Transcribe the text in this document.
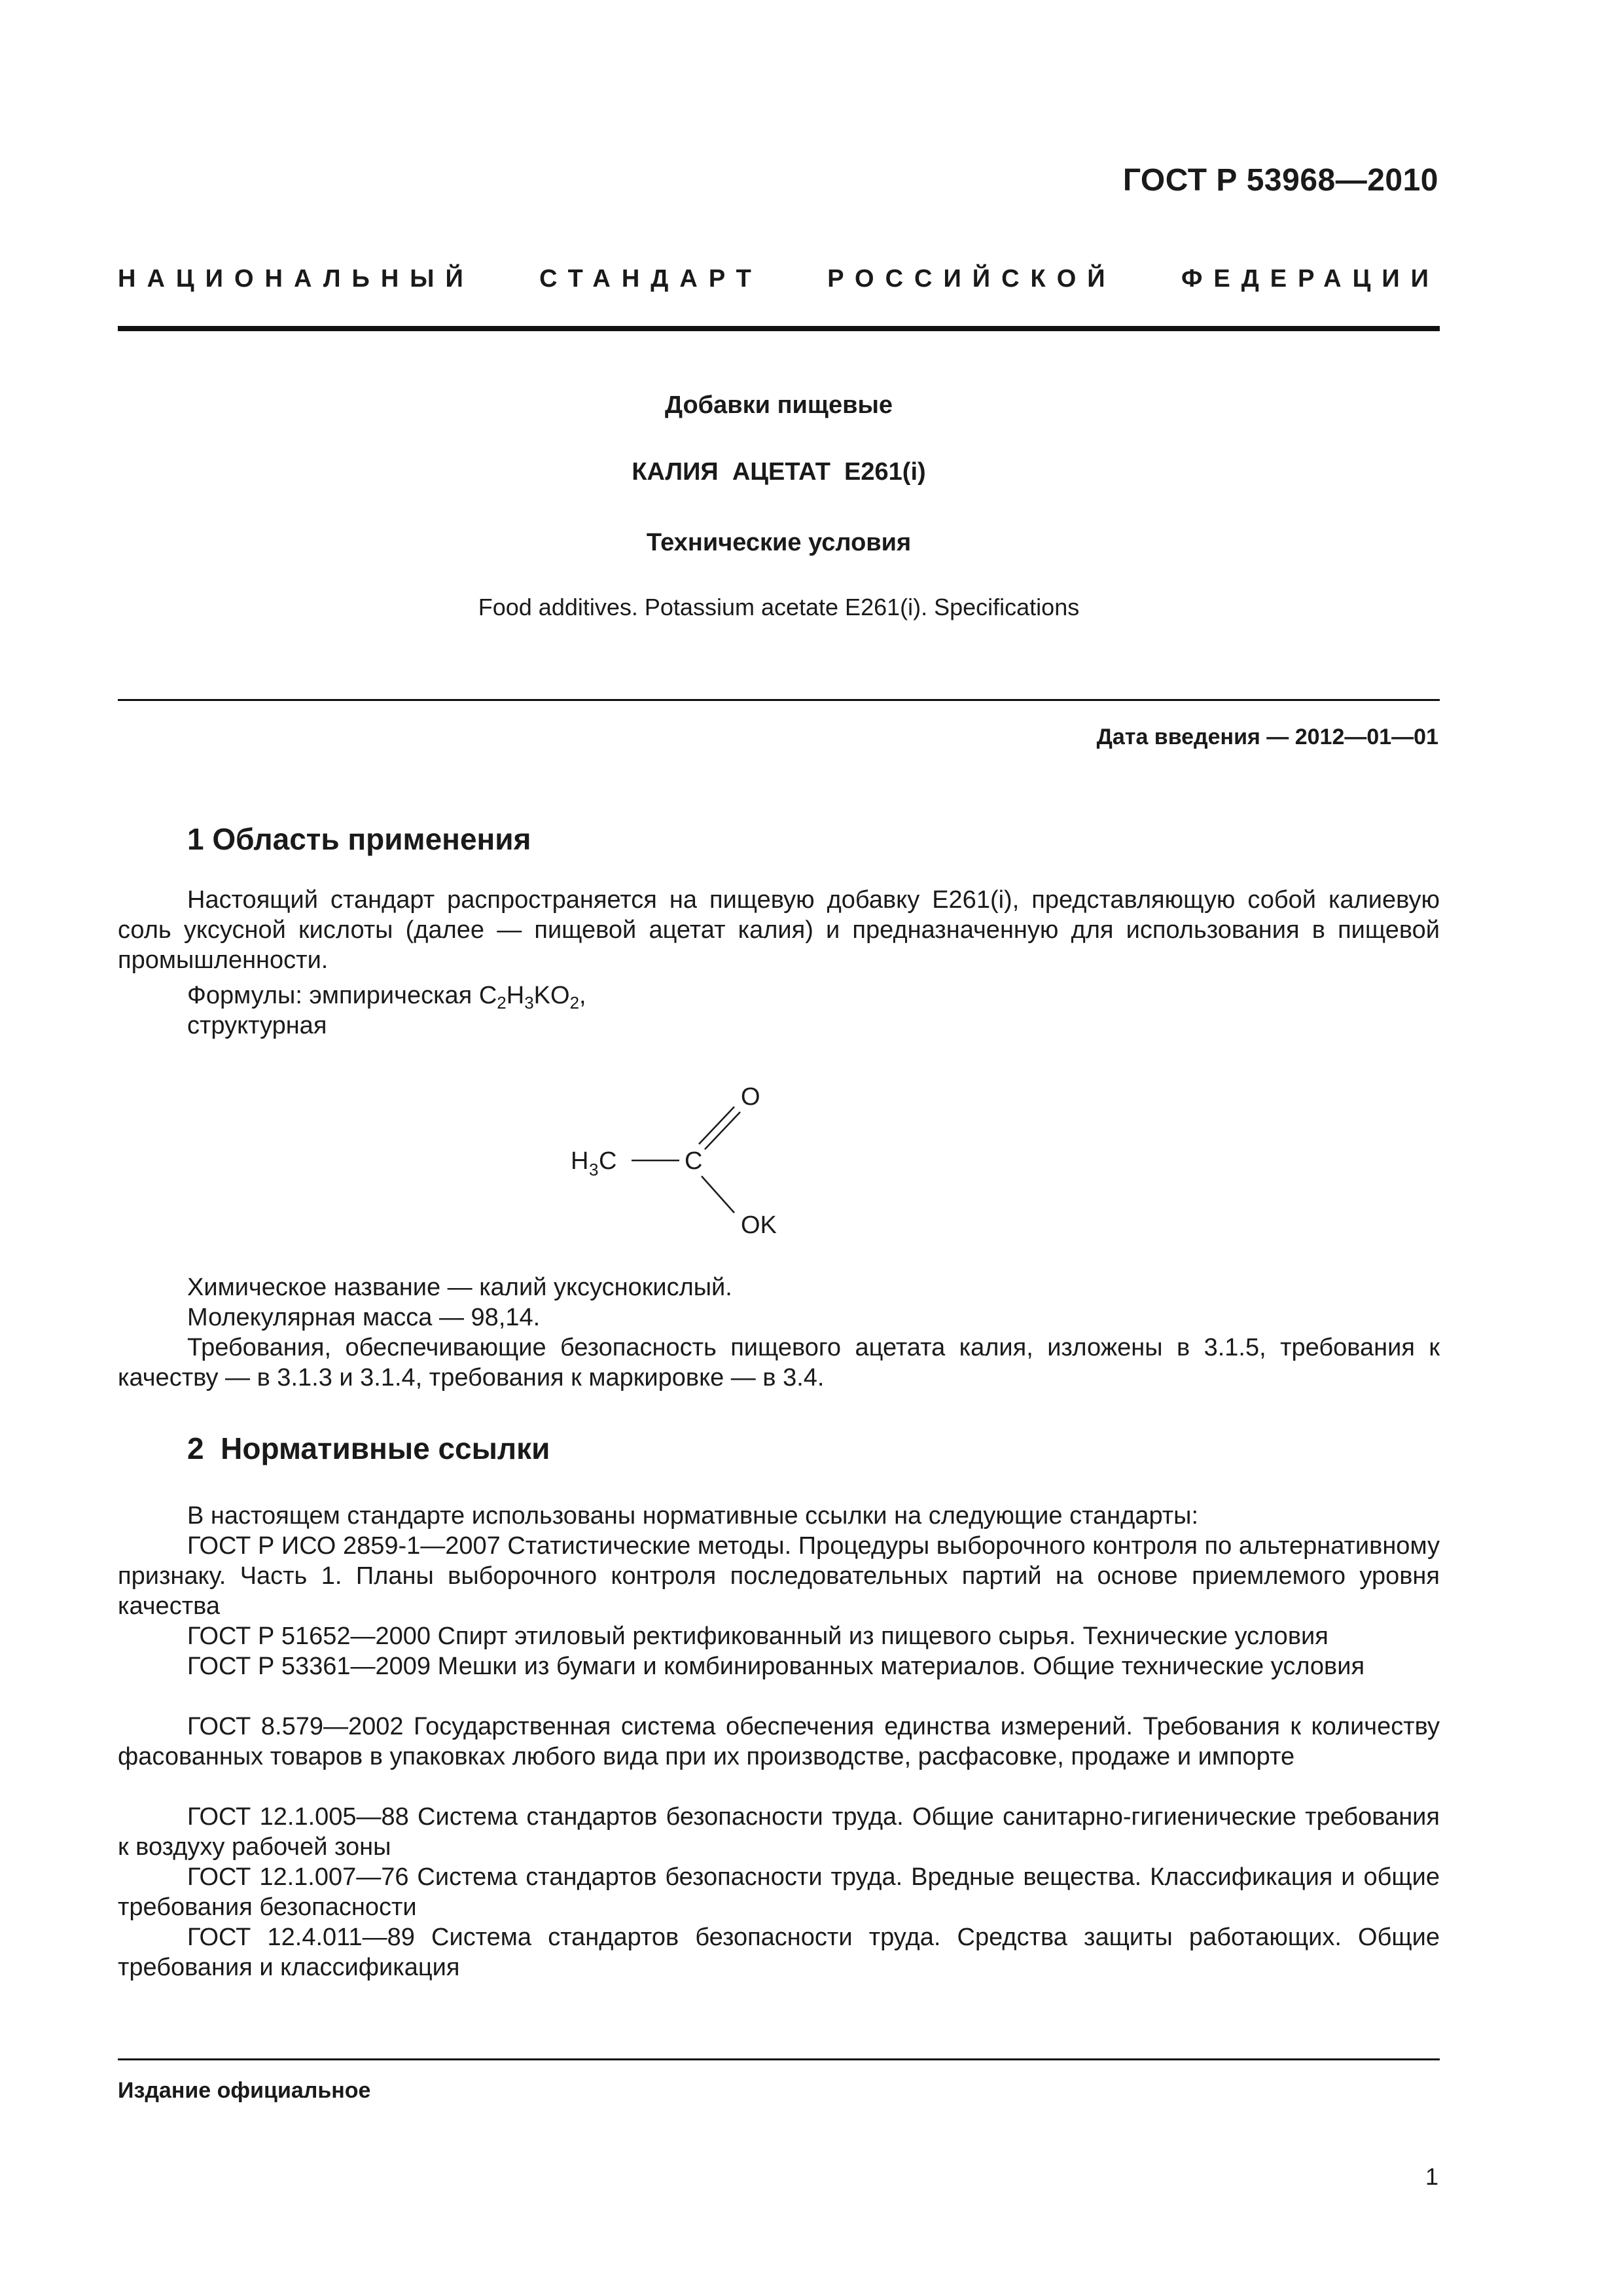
ГОСТ Р 53968—2010
НАЦИОНАЛЬНЫЙ	СТАНДАРТ	РОССИЙСКОЙ	ФЕДЕРАЦИИ
Добавки пищевые
КАЛИЯ  АЦЕТАТ  Е261(i)
Технические условия
Food additives. Potassium acetate E261(i). Specifications
Дата введения — 2012—01—01
1 Область применения
Настоящий стандарт распространяется на пищевую добавку Е261(i), представляющую собой калиевую соль уксусной кислоты (далее — пищевой ацетат калия) и предназначенную для использования в пищевой промышленности.
Формулы: эмпирическая $C_2H_3KO_2$,
структурная
H 3 C	C
O
OK
Химическое название — калий уксуснокислый.
Молекулярная масса — 98,14.
Требования, обеспечивающие безопасность пищевого ацетата калия, изложены в 3.1.5, требования к качеству — в 3.1.3 и 3.1.4, требования к маркировке — в 3.4.
2  Нормативные ссылки
В настоящем стандарте использованы нормативные ссылки на следующие стандарты:
ГОСТ Р ИСО 2859-1—2007 Статистические методы. Процедуры выборочного контроля по альтернативному признаку. Часть 1. Планы выборочного контроля последовательных партий на основе приемлемого уровня качества
ГОСТ Р 51652—2000 Спирт этиловый ректификованный из пищевого сырья. Технические условия
ГОСТ Р 53361—2009 Мешки из бумаги и комбинированных материалов. Общие технические условия
ГОСТ 8.579—2002 Государственная система обеспечения единства измерений. Требования к количеству фасованных товаров в упаковках любого вида при их производстве, расфасовке, продаже и импорте
ГОСТ 12.1.005—88 Система стандартов безопасности труда. Общие санитарно-гигиенические требования к воздуху рабочей зоны
ГОСТ 12.1.007—76 Система стандартов безопасности труда. Вредные вещества. Классификация и общие требования безопасности
ГОСТ 12.4.011—89 Система стандартов безопасности труда. Средства защиты работающих. Общие требования и классификация
Издание официальное
1
